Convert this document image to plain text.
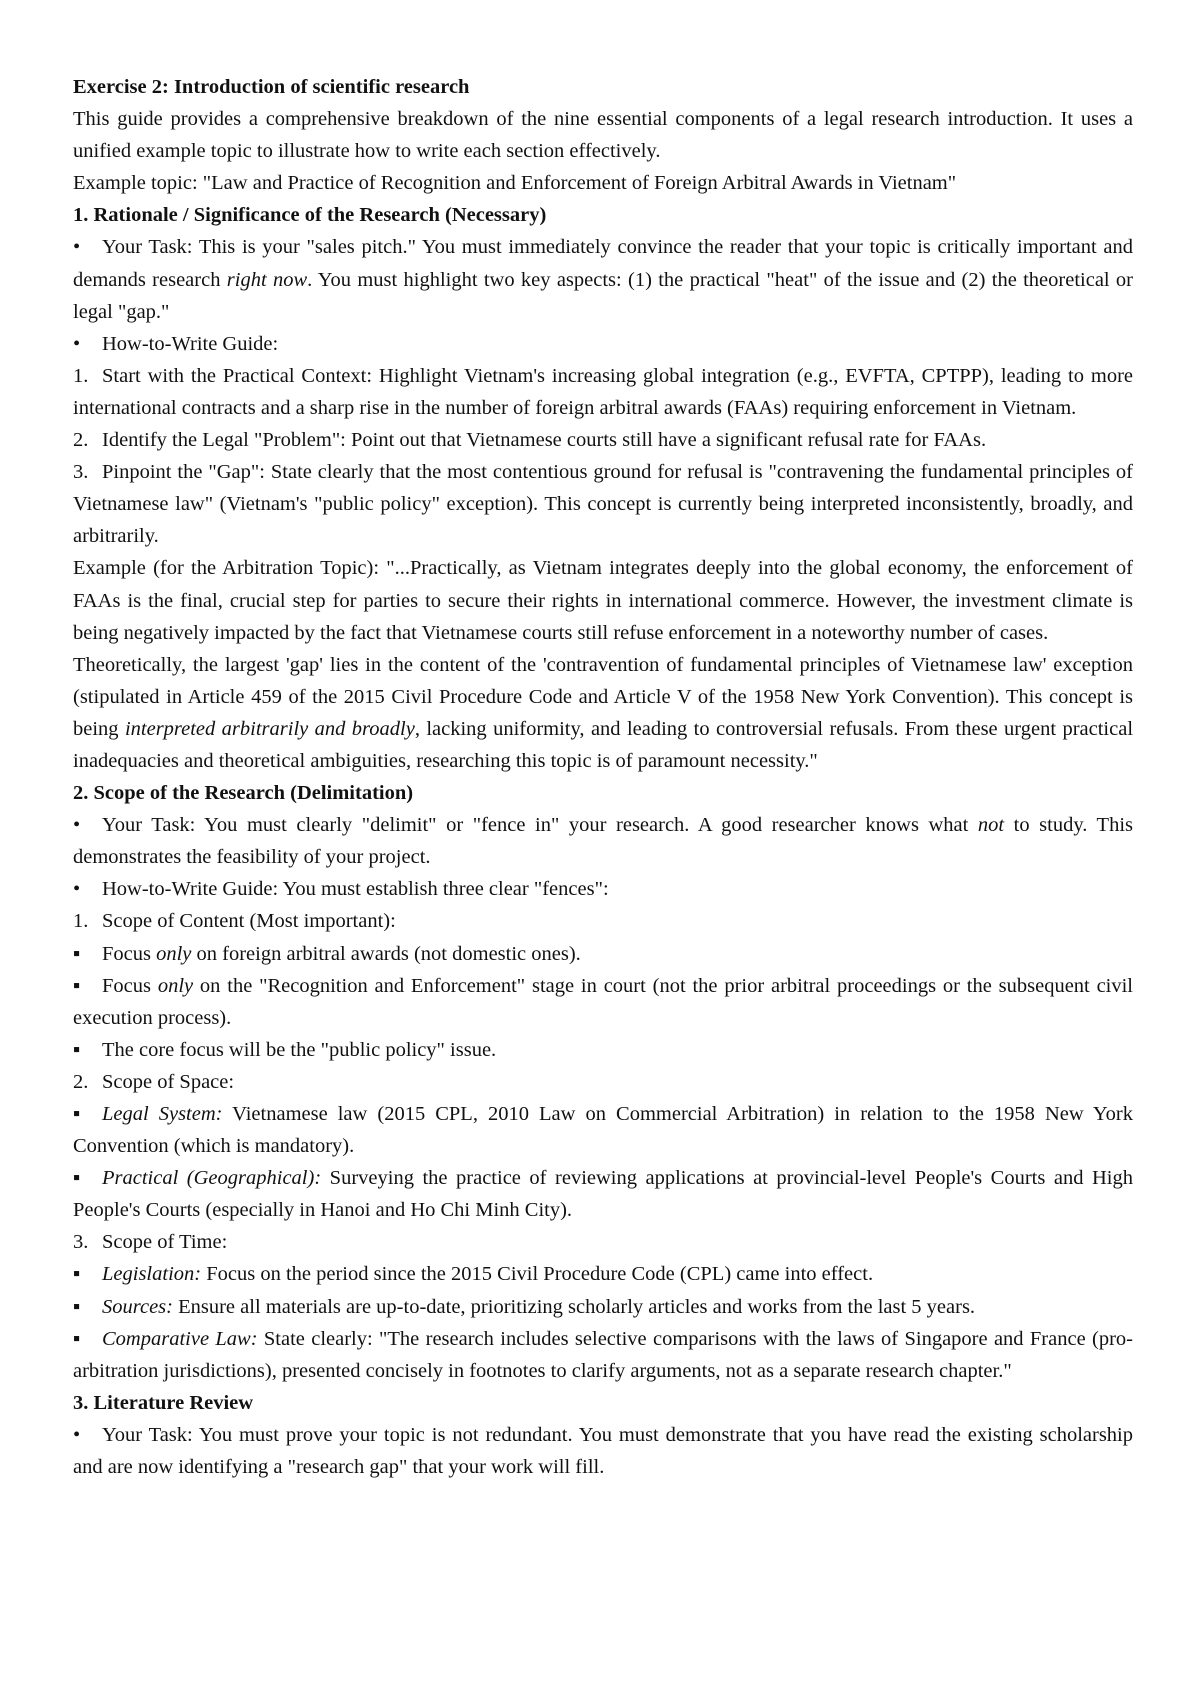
Exercise 2: Introduction of scientific research

This guide provides a comprehensive breakdown of the nine essential components of a legal research introduction. It uses a unified example topic to illustrate how to write each section effectively.

Example topic: "Law and Practice of Recognition and Enforcement of Foreign Arbitral Awards in Vietnam"

1. Rationale / Significance of the Research (Necessary)

• Your Task: This is your "sales pitch." You must immediately convince the reader that your topic is critically important and demands research right now. You must highlight two key aspects: (1) the practical "heat" of the issue and (2) the theoretical or legal "gap."

• How-to-Write Guide:

1. Start with the Practical Context: Highlight Vietnam's increasing global integration (e.g., EVFTA, CPTPP), leading to more international contracts and a sharp rise in the number of foreign arbitral awards (FAAs) requiring enforcement in Vietnam.

2. Identify the Legal "Problem": Point out that Vietnamese courts still have a significant refusal rate for FAAs.

3. Pinpoint the "Gap": State clearly that the most contentious ground for refusal is "contravening the fundamental principles of Vietnamese law" (Vietnam's "public policy" exception). This concept is currently being interpreted inconsistently, broadly, and arbitrarily.

Example (for the Arbitration Topic): "...Practically, as Vietnam integrates deeply into the global economy, the enforcement of FAAs is the final, crucial step for parties to secure their rights in international commerce. However, the investment climate is being negatively impacted by the fact that Vietnamese courts still refuse enforcement in a noteworthy number of cases.

Theoretically, the largest 'gap' lies in the content of the 'contravention of fundamental principles of Vietnamese law' exception (stipulated in Article 459 of the 2015 Civil Procedure Code and Article V of the 1958 New York Convention). This concept is being interpreted arbitrarily and broadly, lacking uniformity, and leading to controversial refusals. From these urgent practical inadequacies and theoretical ambiguities, researching this topic is of paramount necessity."

2. Scope of the Research (Delimitation)

• Your Task: You must clearly "delimit" or "fence in" your research. A good researcher knows what not to study. This demonstrates the feasibility of your project.

• How-to-Write Guide: You must establish three clear "fences":

1. Scope of Content (Most important):

▪ Focus only on foreign arbitral awards (not domestic ones).

▪ Focus only on the "Recognition and Enforcement" stage in court (not the prior arbitral proceedings or the subsequent civil execution process).

▪ The core focus will be the "public policy" issue.

2. Scope of Space:

▪ Legal System: Vietnamese law (2015 CPL, 2010 Law on Commercial Arbitration) in relation to the 1958 New York Convention (which is mandatory).

▪ Practical (Geographical): Surveying the practice of reviewing applications at provincial-level People's Courts and High People's Courts (especially in Hanoi and Ho Chi Minh City).

3. Scope of Time:

▪ Legislation: Focus on the period since the 2015 Civil Procedure Code (CPL) came into effect.

▪ Sources: Ensure all materials are up-to-date, prioritizing scholarly articles and works from the last 5 years.

▪ Comparative Law: State clearly: "The research includes selective comparisons with the laws of Singapore and France (pro-arbitration jurisdictions), presented concisely in footnotes to clarify arguments, not as a separate research chapter."

3. Literature Review

• Your Task: You must prove your topic is not redundant. You must demonstrate that you have read the existing scholarship and are now identifying a "research gap" that your work will fill.
